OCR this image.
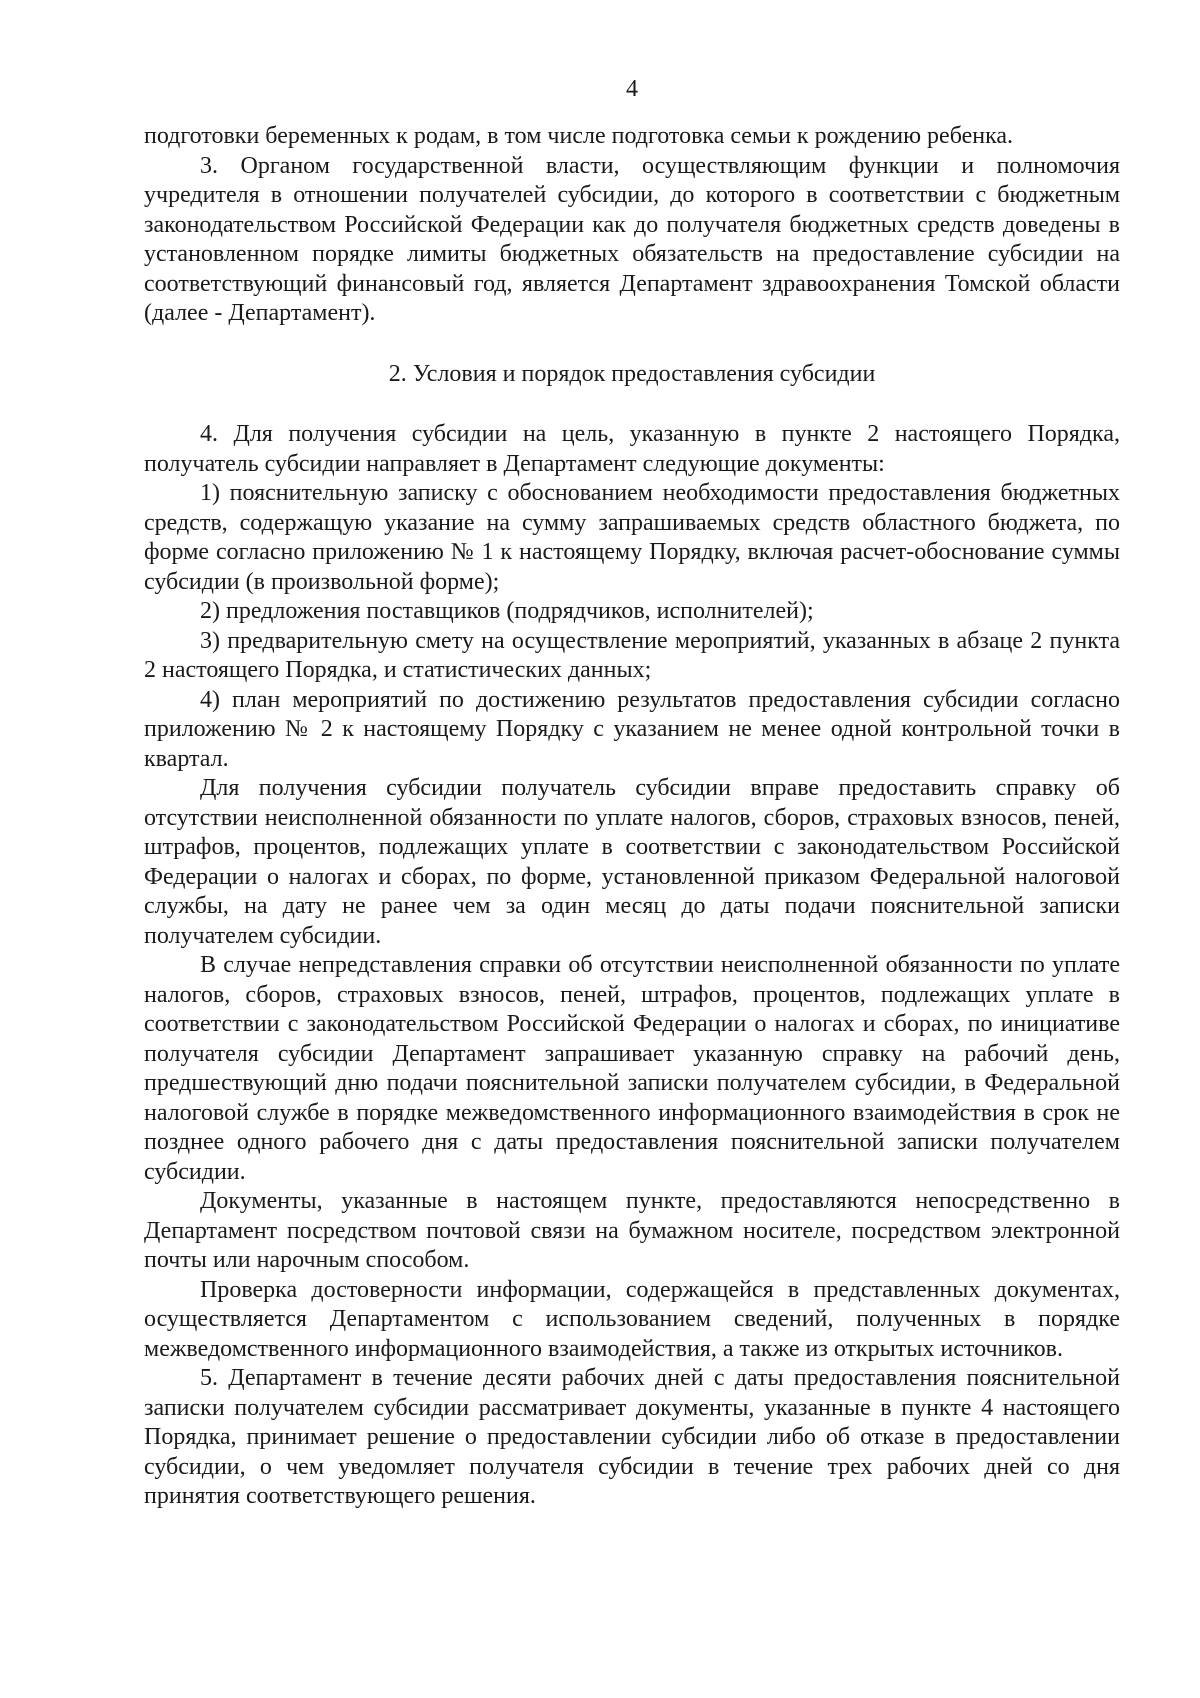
4

подготовки беременных к родам, в том числе подготовка семьи к рождению ребенка.

3. Органом государственной власти, осуществляющим функции и полномочия учредителя в отношении получателей субсидии, до которого в соответствии с бюджетным законодательством Российской Федерации как до получателя бюджетных средств доведены в установленном порядке лимиты бюджетных обязательств на предоставление субсидии на соответствующий финансовый год, является Департамент здравоохранения Томской области (далее - Департамент).

2. Условия и порядок предоставления субсидии

4. Для получения субсидии на цель, указанную в пункте 2 настоящего Порядка, получатель субсидии направляет в Департамент следующие документы:

1) пояснительную записку с обоснованием необходимости предоставления бюджетных средств, содержащую указание на сумму запрашиваемых средств областного бюджета, по форме согласно приложению № 1 к настоящему Порядку, включая расчет-обоснование суммы субсидии (в произвольной форме);

2) предложения поставщиков (подрядчиков, исполнителей);

3) предварительную смету на осуществление мероприятий, указанных в абзаце 2 пункта 2 настоящего Порядка, и статистических данных;

4) план мероприятий по достижению результатов предоставления субсидии согласно приложению № 2 к настоящему Порядку с указанием не менее одной контрольной точки в квартал.

Для получения субсидии получатель субсидии вправе предоставить справку об отсутствии неисполненной обязанности по уплате налогов, сборов, страховых взносов, пеней, штрафов, процентов, подлежащих уплате в соответствии с законодательством Российской Федерации о налогах и сборах, по форме, установленной приказом Федеральной налоговой службы, на дату не ранее чем за один месяц до даты подачи пояснительной записки получателем субсидии.

В случае непредставления справки об отсутствии неисполненной обязанности по уплате налогов, сборов, страховых взносов, пеней, штрафов, процентов, подлежащих уплате в соответствии с законодательством Российской Федерации о налогах и сборах, по инициативе получателя субсидии Департамент запрашивает указанную справку на рабочий день, предшествующий дню подачи пояснительной записки получателем субсидии, в Федеральной налоговой службе в порядке межведомственного информационного взаимодействия в срок не позднее одного рабочего дня с даты предоставления пояснительной записки получателем субсидии.

Документы, указанные в настоящем пункте, предоставляются непосредственно в Департамент посредством почтовой связи на бумажном носителе, посредством электронной почты или нарочным способом.

Проверка достоверности информации, содержащейся в представленных документах, осуществляется Департаментом с использованием сведений, полученных в порядке межведомственного информационного взаимодействия, а также из открытых источников.

5. Департамент в течение десяти рабочих дней с даты предоставления пояснительной записки получателем субсидии рассматривает документы, указанные в пункте 4 настоящего Порядка, принимает решение о предоставлении субсидии либо об отказе в предоставлении субсидии, о чем уведомляет получателя субсидии в течение трех рабочих дней со дня принятия соответствующего решения.
